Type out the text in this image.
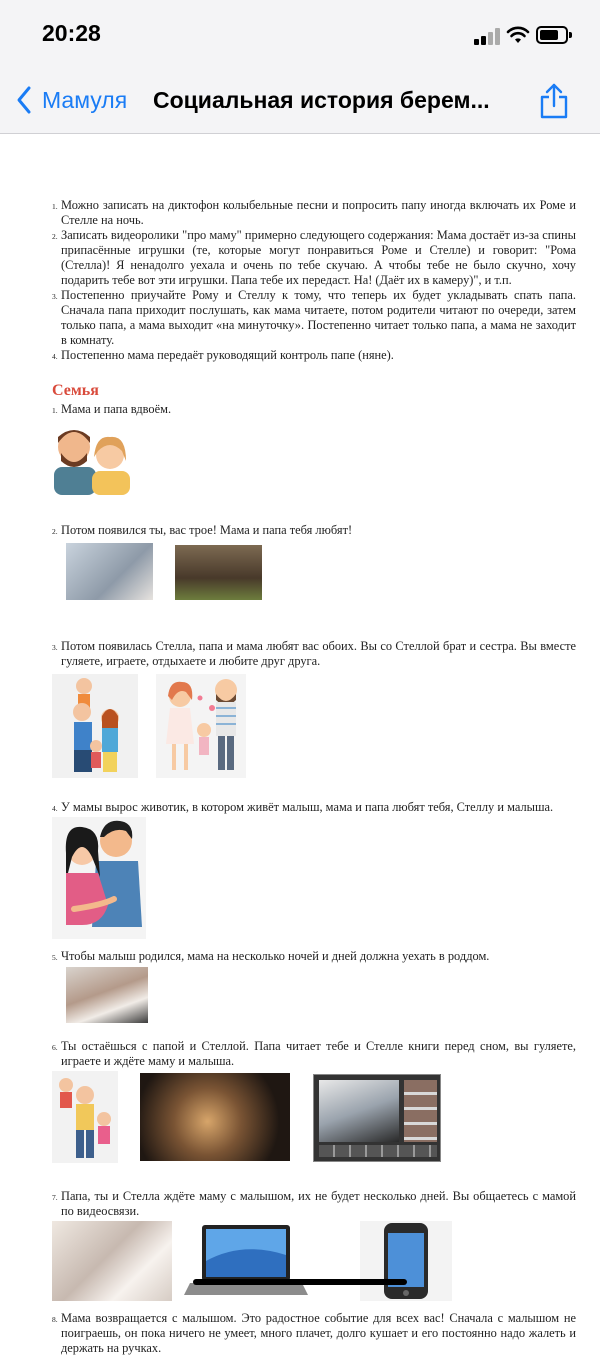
20:28
Мамуля Социальная история берем...
1. Можно записать на диктофон колыбельные песни и попросить папу иногда включать их Роме и Стелле на ночь.
2. Записать видеоролики "про маму" примерно следующего содержания: Мама достаёт из-за спины припасённые игрушки (те, которые могут понравиться Роме и Стелле) и говорит: "Рома (Стелла)! Я ненадолго уехала и очень по тебе скучаю. А чтобы тебе не было скучно, хочу подарить тебе вот эти игрушки. Папа тебе их передаст. На! (Даёт их в камеру)", и т.п.
3. Постепенно приучайте Рому и Стеллу к тому, что теперь их будет укладывать спать папа. Сначала папа приходит послушать, как мама читаете, потом родители читают по очереди, затем только папа, а мама выходит «на минуточку». Постепенно читает только папа, а мама не заходит в комнату.
4. Постепенно мама передаёт руководящий контроль папе (няне).
Семья
1. Мама и папа вдвоём.
2. Потом появился ты, вас трое! Мама и папа тебя любят!
3. Потом появилась Стелла, папа и мама любят вас обоих. Вы со Стеллой брат и сестра. Вы вместе гуляете, играете, отдыхаете и любите друг друга.
4. У мамы вырос животик, в котором живёт малыш, мама и папа любят тебя, Стеллу и малыша.
5. Чтобы малыш родился, мама на несколько ночей и дней должна уехать в роддом.
6. Ты остаёшься с папой и Стеллой. Папа читает тебе и Стелле книги перед сном, вы гуляете, играете и ждёте маму и малыша.
7. Папа, ты и Стелла ждёте маму с малышом, их не будет несколько дней. Вы общаетесь с мамой по видеосвязи.
8. Мама возвращается с малышом. Это радостное событие для всех вас! Сначала с малышом не поиграешь, он пока ничего не умеет, много плачет, долго кушает и его постоянно надо жалеть и держать на ручках.
